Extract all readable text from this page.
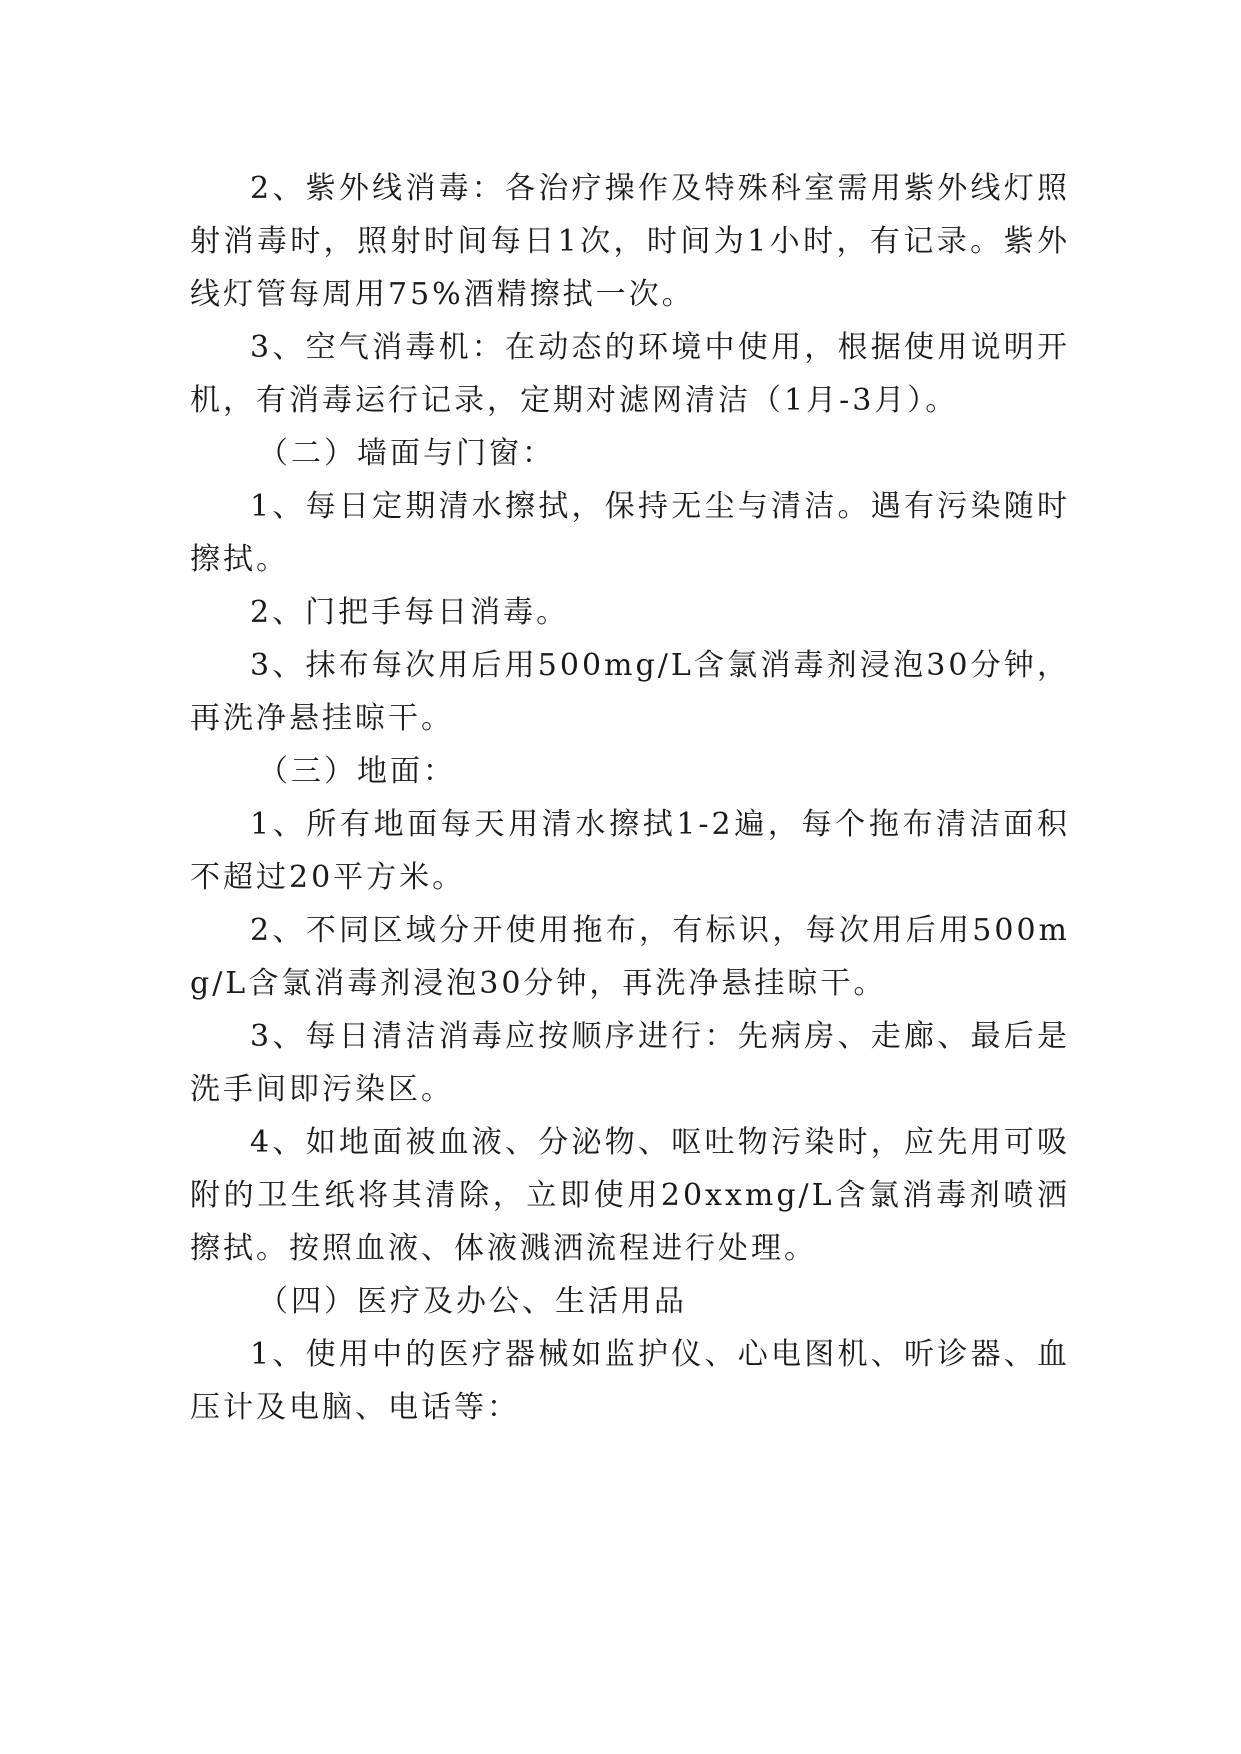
2、紫外线消毒：各治疗操作及特殊科室需用紫外线灯照射消毒时，照射时间每日1次，时间为1小时，有记录。紫外线灯管每周用75%酒精擦拭一次。

3、空气消毒机：在动态的环境中使用，根据使用说明开机，有消毒运行记录，定期对滤网清洁（1月-3月）。

（二）墙面与门窗：

1、每日定期清水擦拭，保持无尘与清洁。遇有污染随时擦拭。

2、门把手每日消毒。

3、抹布每次用后用500mg/L含氯消毒剂浸泡30分钟，再洗净悬挂晾干。

（三）地面：

1、所有地面每天用清水擦拭1-2遍，每个拖布清洁面积不超过20平方米。

2、不同区域分开使用拖布，有标识，每次用后用500mg/L含氯消毒剂浸泡30分钟，再洗净悬挂晾干。

3、每日清洁消毒应按顺序进行：先病房、走廊、最后是洗手间即污染区。

4、如地面被血液、分泌物、呕吐物污染时，应先用可吸附的卫生纸将其清除，立即使用20xxmg/L含氯消毒剂喷洒擦拭。按照血液、体液溅洒流程进行处理。

（四）医疗及办公、生活用品

1、使用中的医疗器械如监护仪、心电图机、听诊器、血压计及电脑、电话等：
